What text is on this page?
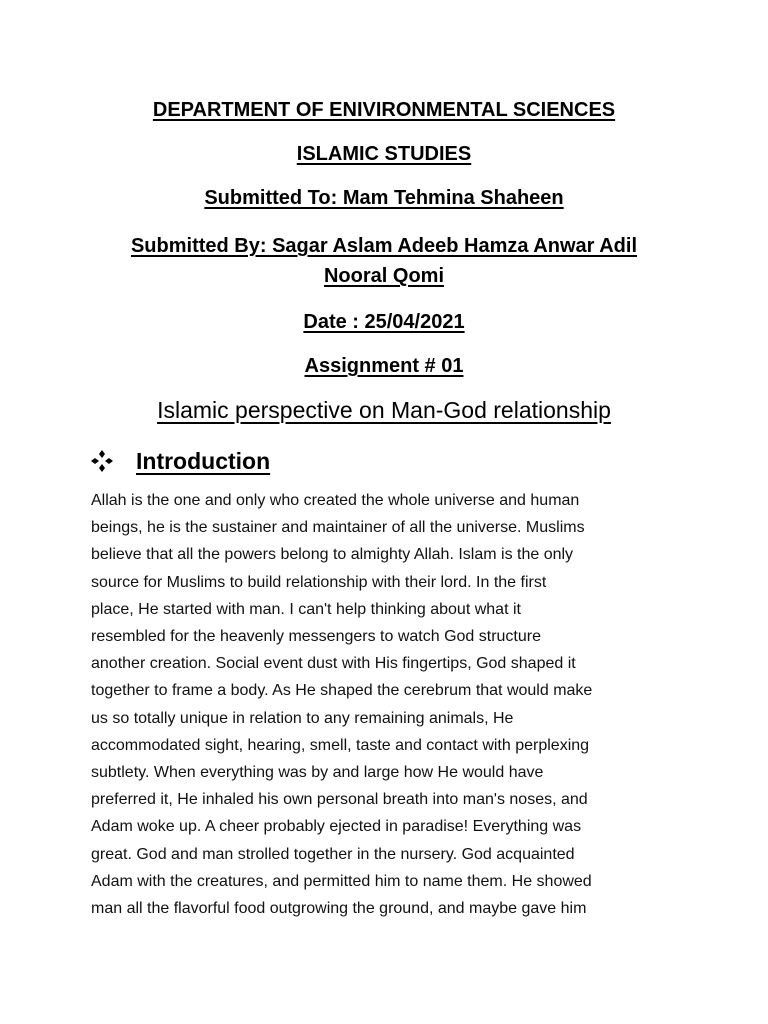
DEPARTMENT OF ENIVIRONMENTAL SCIENCES
ISLAMIC STUDIES
Submitted To: Mam Tehmina Shaheen
Submitted By: Sagar Aslam Adeeb Hamza Anwar Adil
Nooral Qomi
Date : 25/04/2021
Assignment # 01
Islamic perspective on Man-God relationship
Introduction
Allah is the one and only who created the whole universe and human
beings, he is the sustainer and maintainer of all the universe. Muslims
believe that all the powers belong to almighty Allah. Islam is the only
source for Muslims to build relationship with their lord. In the first
place, He started with man. I can't help thinking about what it
resembled for the heavenly messengers to watch God structure
another creation. Social event dust with His fingertips, God shaped it
together to frame a body. As He shaped the cerebrum that would make
us so totally unique in relation to any remaining animals, He
accommodated sight, hearing, smell, taste and contact with perplexing
subtlety. When everything was by and large how He would have
preferred it, He inhaled his own personal breath into man's noses, and
Adam woke up. A cheer probably ejected in paradise! Everything was
great. God and man strolled together in the nursery. God acquainted
Adam with the creatures, and permitted him to name them. He showed
man all the flavorful food outgrowing the ground, and maybe gave him
